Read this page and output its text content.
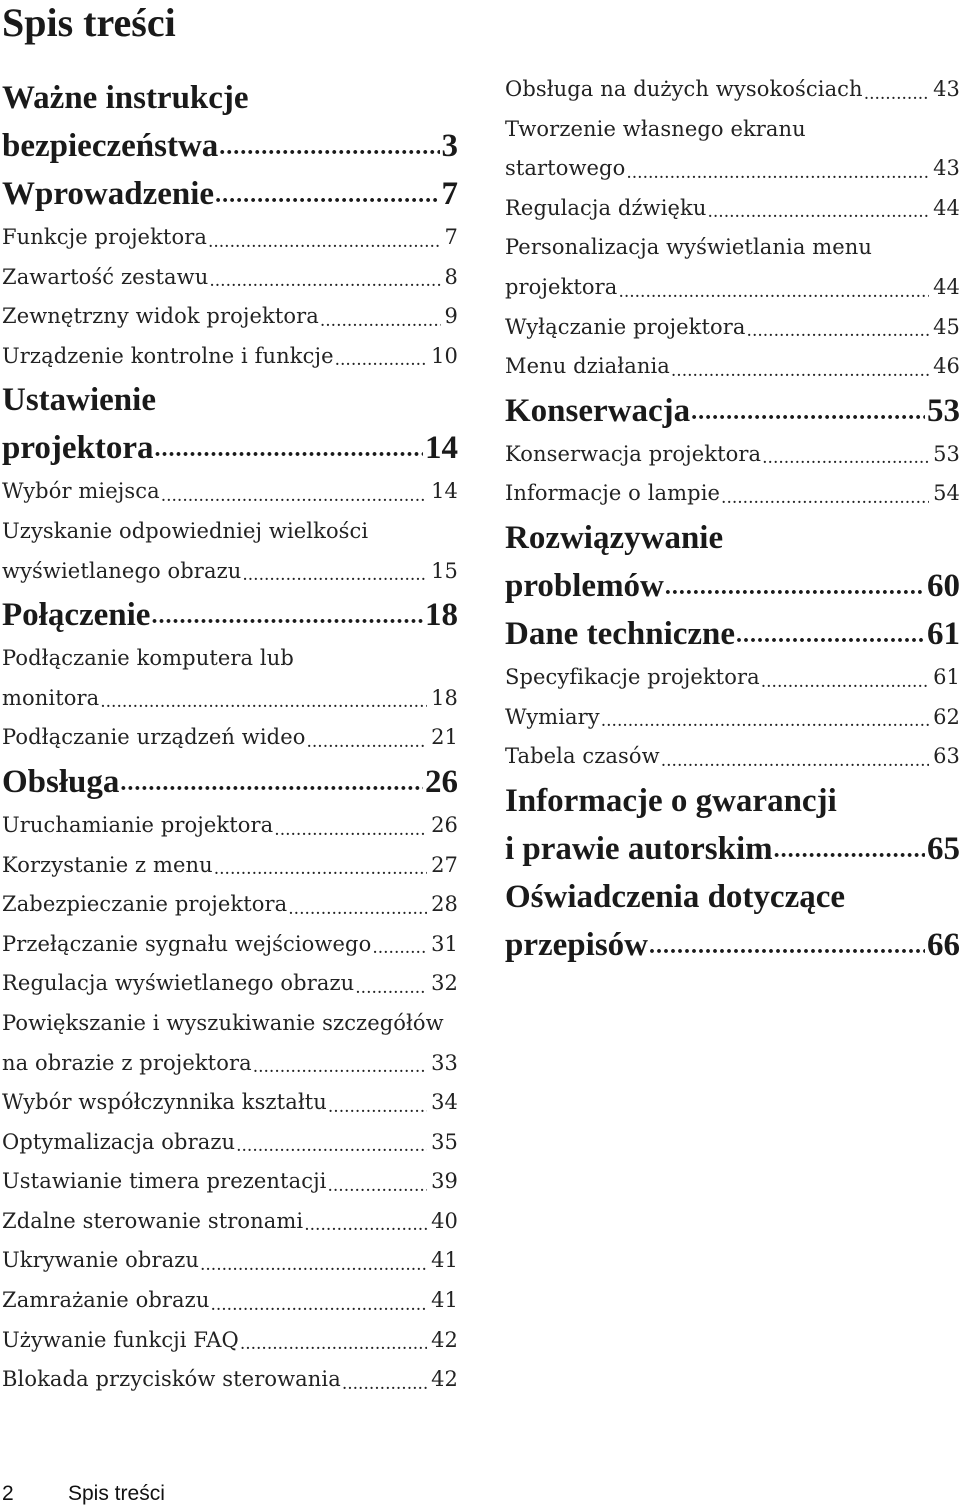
Spis treści
Ważne instrukcje
bezpieczeństwa .....	3
Wprowadzenie .....	7
Funkcje projektora .....	7
Zawartość zestawu .....	8
Zewnętrzny widok projektora .....	9
Urządzenie kontrolne i funkcje .....	10
Ustawienie
projektora .....	14
Wybór miejsca .....	14
Uzyskanie odpowiedniej wielkości
wyświetlanego obrazu .....	15
Połączenie .....	18
Podłączanie komputera lub
monitora .....	18
Podłączanie urządzeń wideo .....	21
Obsługa .....	26
Uruchamianie projektora .....	26
Korzystanie z menu .....	27
Zabezpieczanie projektora .....	28
Przełączanie sygnału wejściowego .....	31
Regulacja wyświetlanego obrazu .....	32
Powiększanie i wyszukiwanie szczegółów
na obrazie z projektora .....	33
Wybór współczynnika kształtu .....	34
Optymalizacja obrazu .....	35
Ustawianie timera prezentacji .....	39
Zdalne sterowanie stronami .....	40
Ukrywanie obrazu .....	41
Zamrażanie obrazu .....	41
Używanie funkcji FAQ .....	42
Blokada przycisków sterowania .....	42
Obsługa na dużych wysokościach .....	43
Tworzenie własnego ekranu
startowego .....	43
Regulacja dźwięku .....	44
Personalizacja wyświetlania menu
projektora .....	44
Wyłączanie projektora .....	45
Menu działania .....	46
Konserwacja .....	53
Konserwacja projektora .....	53
Informacje o lampie .....	54
Rozwiązywanie
problemów .....	60
Dane techniczne .....	61
Specyfikacje projektora .....	61
Wymiary .....	62
Tabela czasów .....	63
Informacje o gwarancji
i prawie autorskim .....	65
Oświadczenia dotyczące
przepisów .....	66
2	Spis treści
